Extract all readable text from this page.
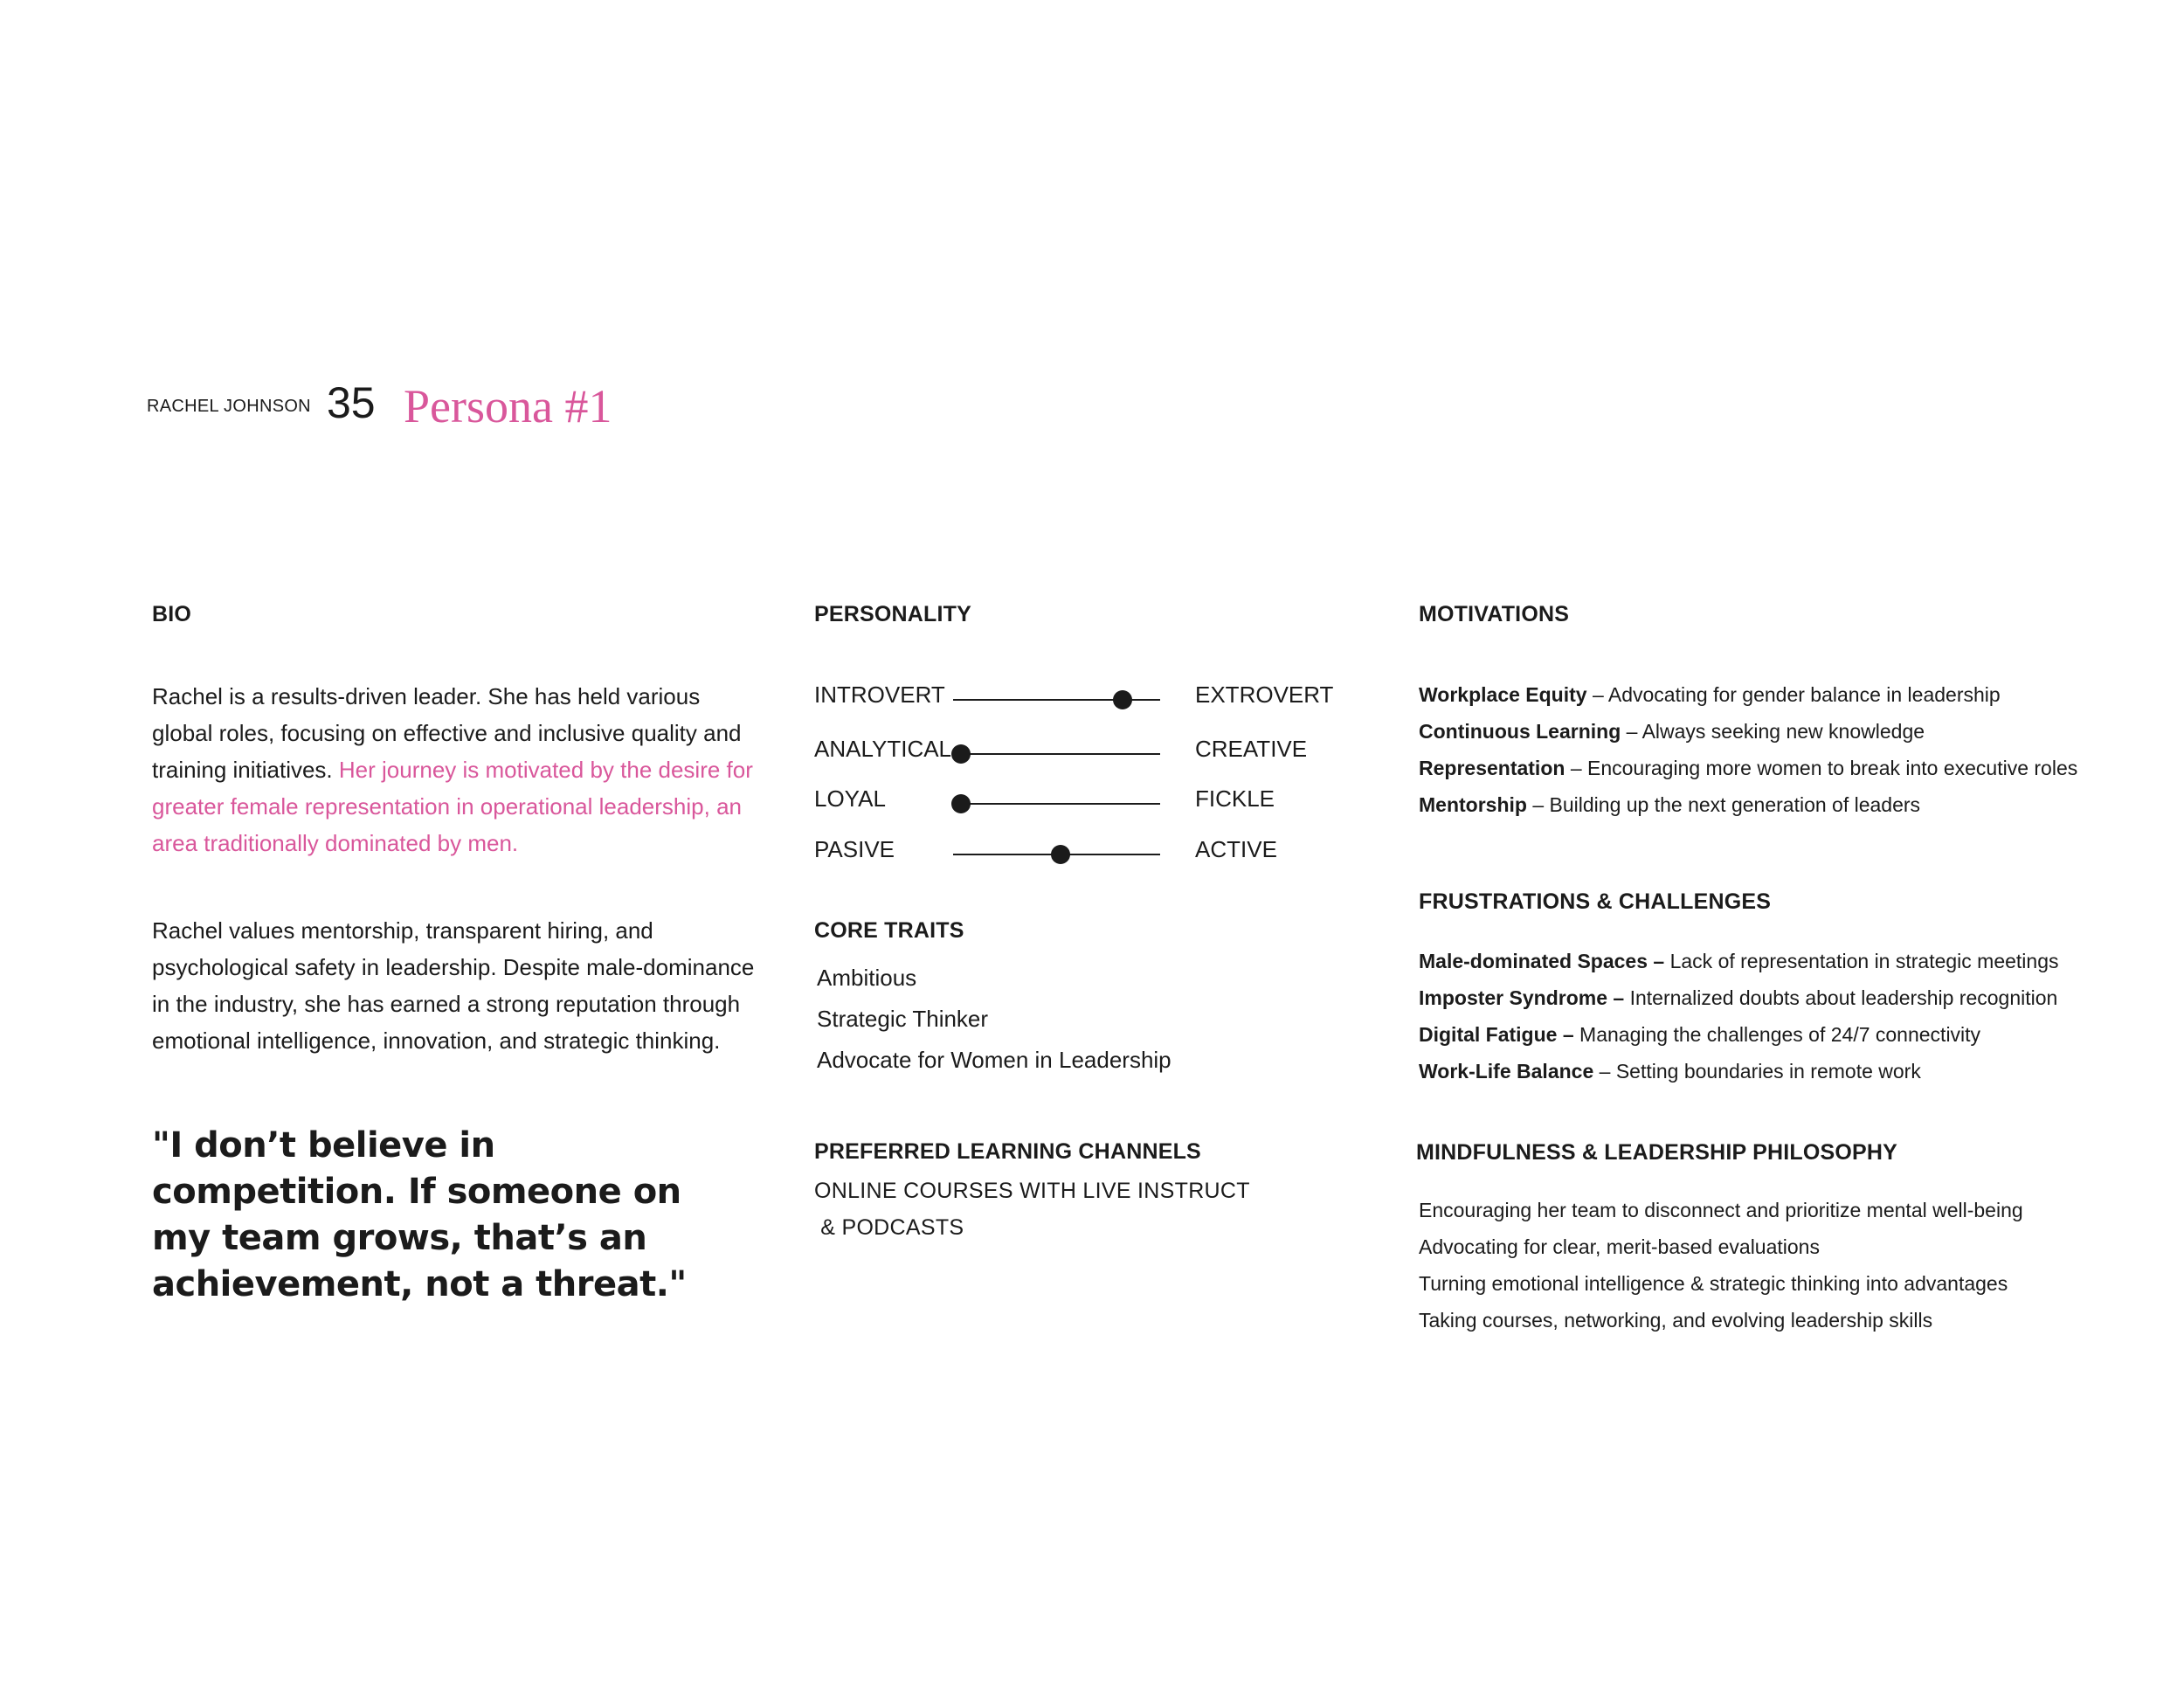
RACHEL JOHNSON 35 Persona #1
BIO
Rachel is a results-driven leader. She has held various global roles, focusing on effective and inclusive quality and training initiatives. Her journey is motivated by the desire for greater female representation in operational leadership, an area traditionally dominated by men.
Rachel values mentorship, transparent hiring, and psychological safety in leadership. Despite male-dominance in the industry, she has earned a strong reputation through emotional intelligence, innovation, and strategic thinking.
"I don’t believe in competition. If someone on my team grows, that’s an achievement, not a threat."
PERSONALITY
INTROVERT	EXTROVERT
ANALYTICAL	CREATIVE
LOYAL	FICKLE
PASIVE	ACTIVE
CORE TRAITS
Ambitious
Strategic Thinker
Advocate for Women in Leadership
PREFERRED LEARNING CHANNELS
ONLINE COURSES WITH LIVE INSTRUCT
& PODCASTS
MOTIVATIONS
Workplace Equity – Advocating for gender balance in leadership
Continuous Learning – Always seeking new knowledge
Representation – Encouraging more women to break into executive roles
Mentorship – Building up the next generation of leaders
FRUSTRATIONS & CHALLENGES
Male-dominated Spaces – Lack of representation in strategic meetings
Imposter Syndrome – Internalized doubts about leadership recognition
Digital Fatigue – Managing the challenges of 24/7 connectivity
Work-Life Balance – Setting boundaries in remote work
MINDFULNESS & LEADERSHIP PHILOSOPHY
Encouraging her team to disconnect and prioritize mental well-being
Advocating for clear, merit-based evaluations
Turning emotional intelligence & strategic thinking into advantages
Taking courses, networking, and evolving leadership skills
